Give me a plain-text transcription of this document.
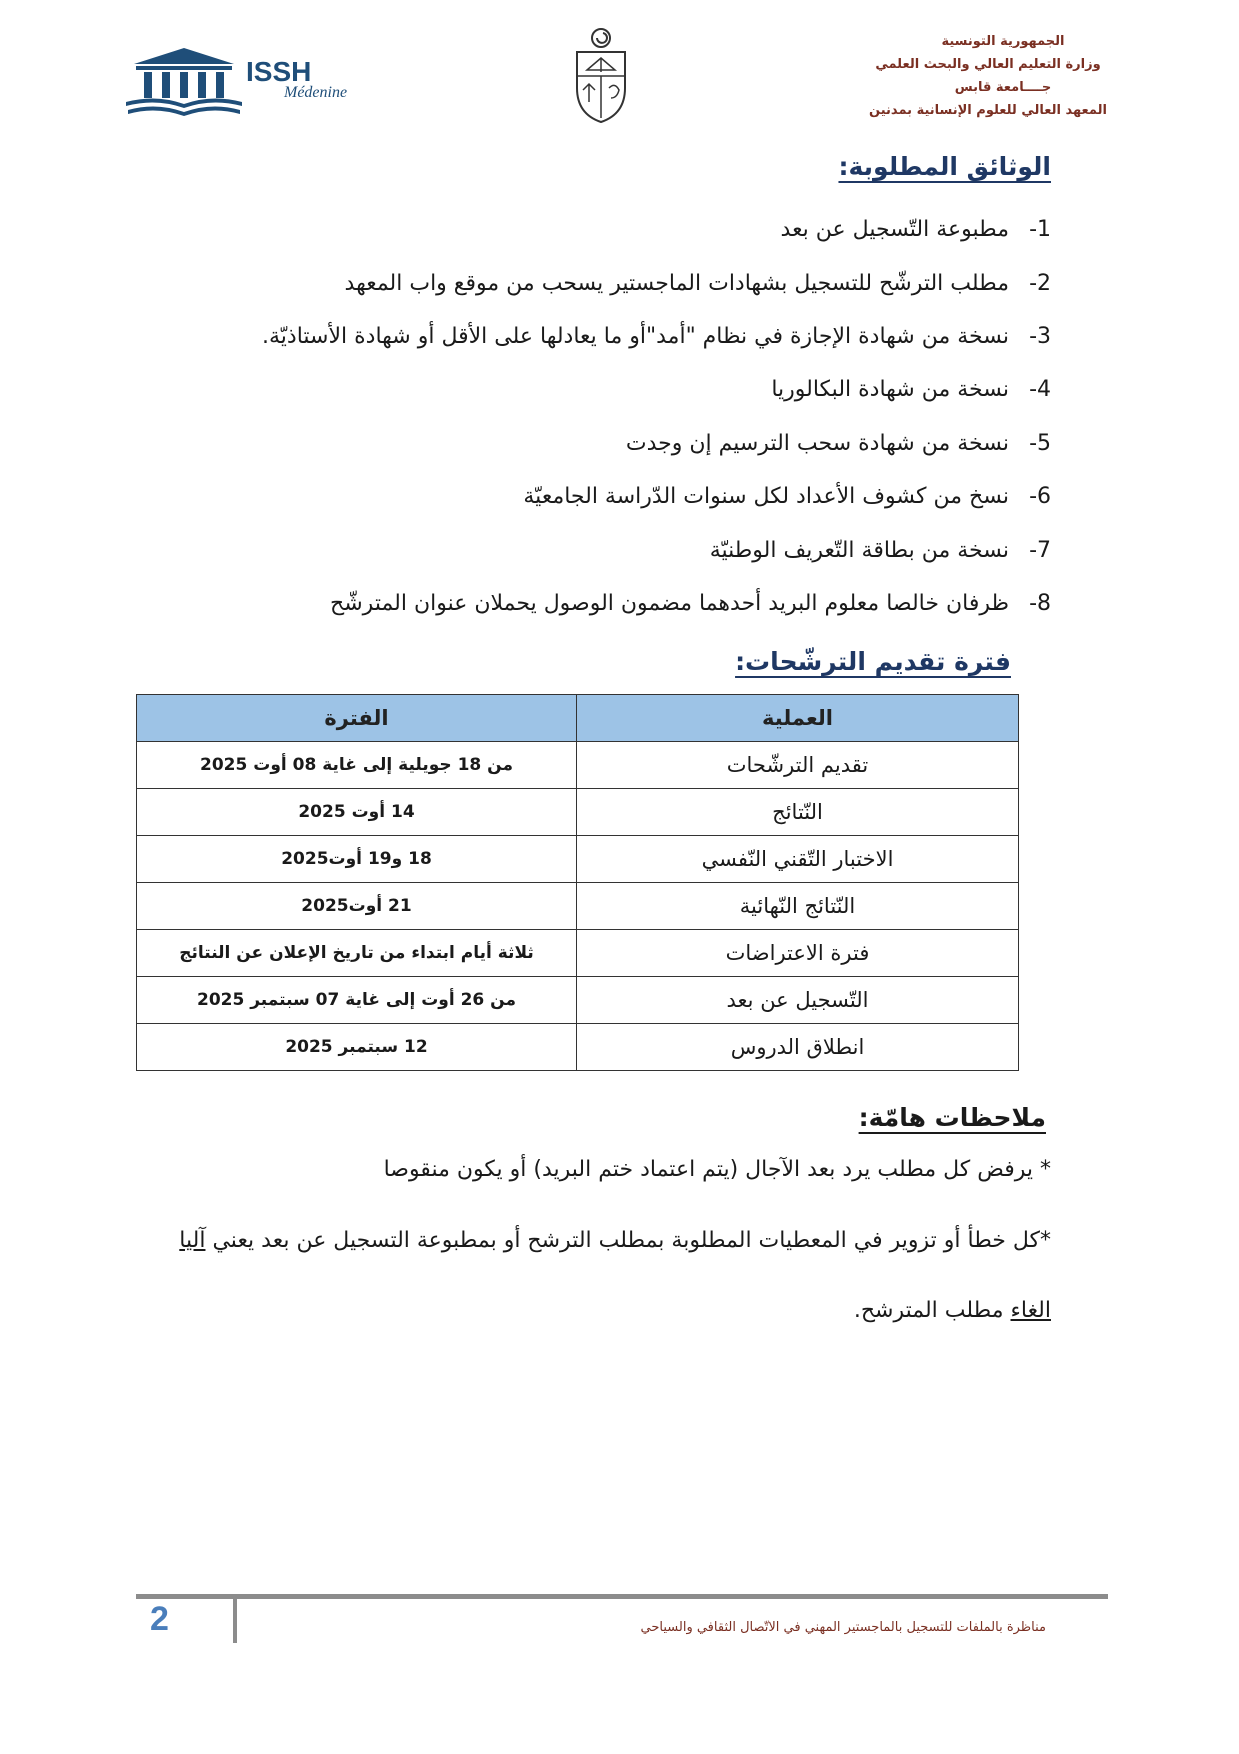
الجمهورية التونسية
وزارة التعليم العالي والبحث العلمي
جــــامعة قابس
المعهد العالي للعلوم الإنسانية بمدنين
ISSH
Médenine
الوثائق المطلوبة:
-1
مطبوعة التّسجيل عن بعد
-2
مطلب الترشّح للتسجيل بشهادات الماجستير يسحب من موقع واب المعهد
-3
نسخة من شهادة الإجازة في نظام "أمد"أو ما يعادلها على الأقل أو شهادة الأستاذيّة.
-4
نسخة من شهادة البكالوريا
-5
نسخة من شهادة سحب الترسيم إن وجدت
-6
نسخ من كشوف الأعداد لكل سنوات الدّراسة الجامعيّة
-7
نسخة من بطاقة التّعريف الوطنيّة
-8
ظرفان خالصا معلوم البريد أحدهما مضمون الوصول يحملان عنوان المترشّح
فترة تقديم الترشّحات:
العملية	الفترة
تقديم الترشّحات	من 18 جويلية إلى غاية 08 أوت 2025
النّتائج	14 أوت 2025
الاختبار التّقني النّفسي	18 و19 أوت2025
النّتائج النّهائية	21 أوت2025
فترة الاعتراضات	ثلاثة أيام ابتداء من تاريخ الإعلان عن النتائج
التّسجيل عن بعد	من 26 أوت إلى غاية 07 سبتمبر 2025
انطلاق الدروس	12 سبتمبر 2025
ملاحظات هامّة:
* يرفض كل مطلب يرد بعد الآجال (يتم اعتماد ختم البريد) أو يكون منقوصا
*كل خطأ أو تزوير في المعطيات المطلوبة بمطلب الترشح أو بمطبوعة التسجيل عن بعد يعني آليا
الغاء مطلب المترشح.
2	مناظرة بالملفات للتسجيل بالماجستير المهني في الاتّصال الثقافي والسياحي
